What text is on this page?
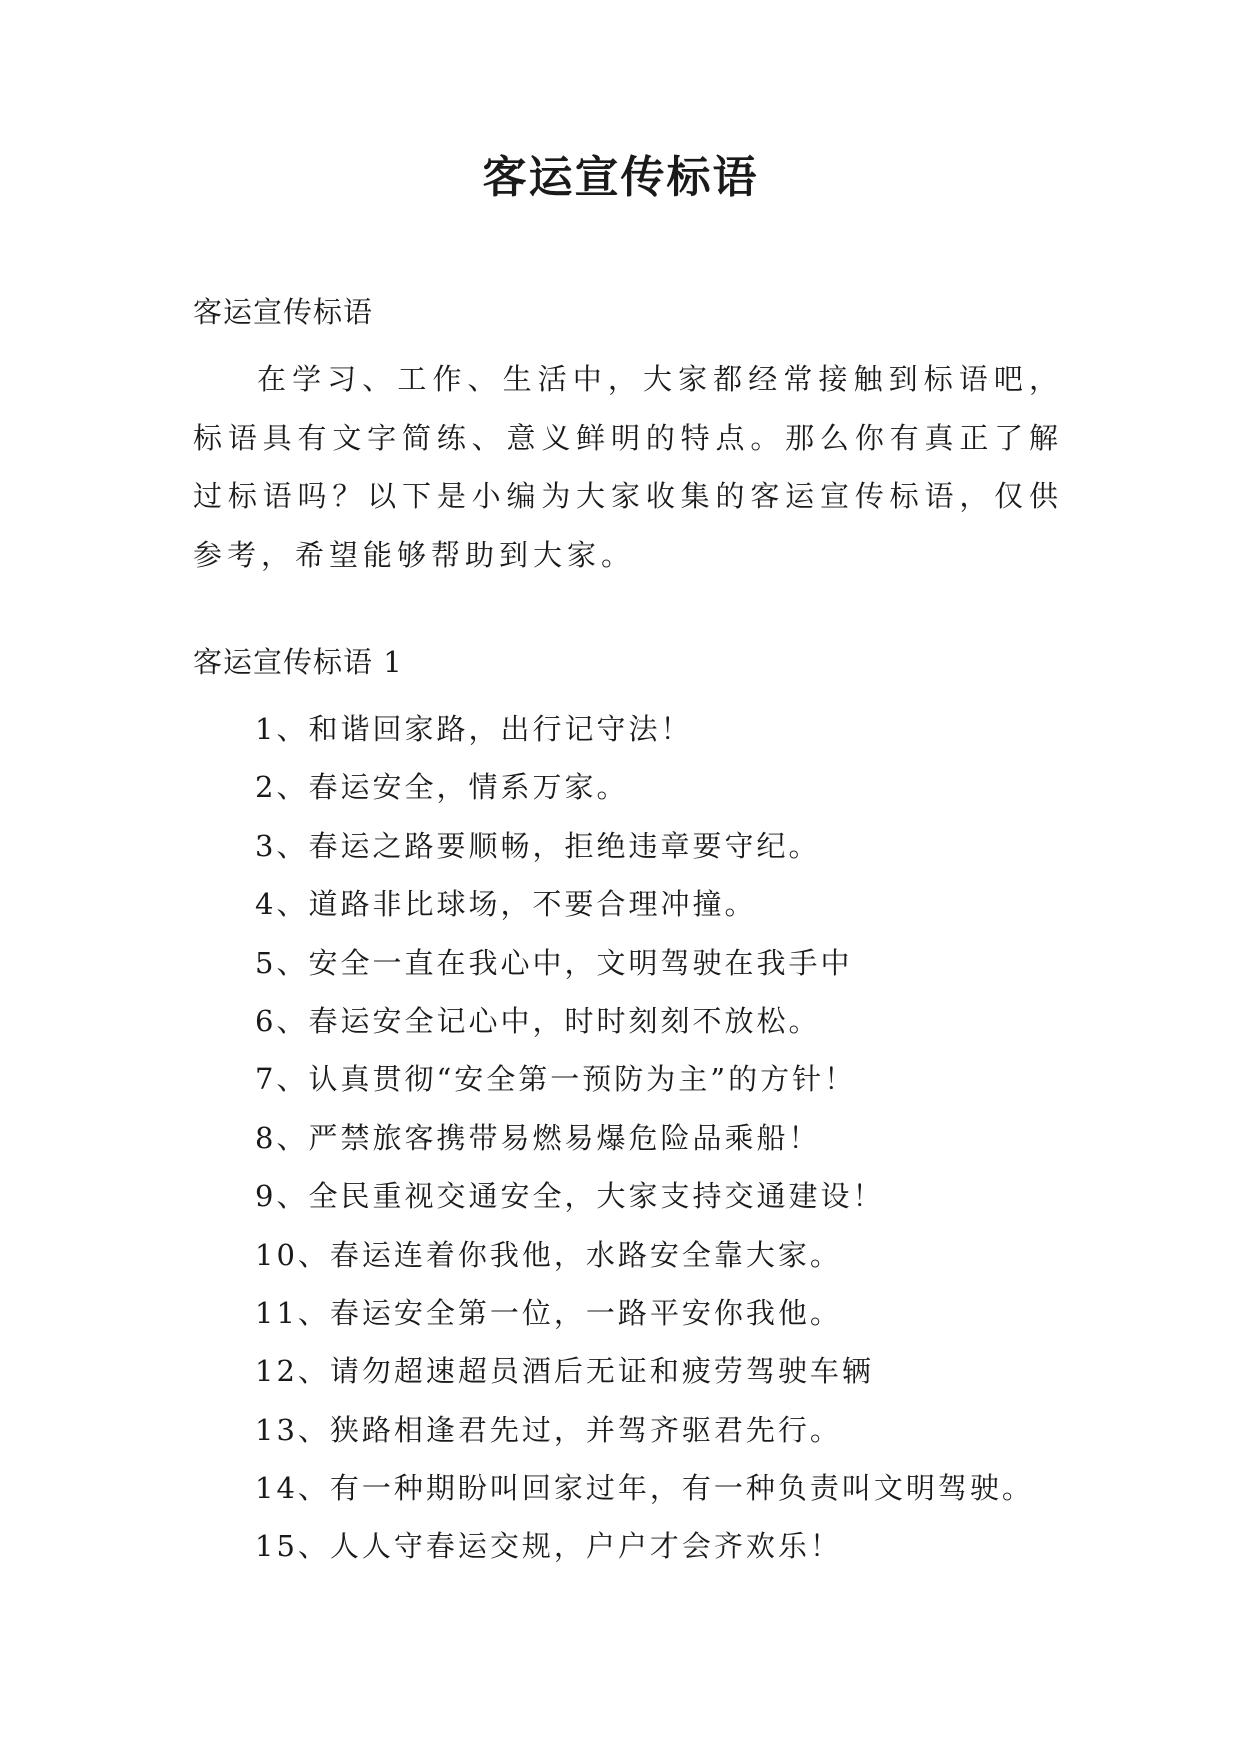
客运宣传标语

客运宣传标语

在学习、工作、生活中，大家都经常接触到标语吧，标语具有文字简练、意义鲜明的特点。那么你有真正了解过标语吗？以下是小编为大家收集的客运宣传标语，仅供参考，希望能够帮助到大家。

客运宣传标语 1

1、和谐回家路，出行记守法！
2、春运安全，情系万家。
3、春运之路要顺畅，拒绝违章要守纪。
4、道路非比球场，不要合理冲撞。
5、安全一直在我心中，文明驾驶在我手中
6、春运安全记心中，时时刻刻不放松。
7、认真贯彻“安全第一预防为主”的方针！
8、严禁旅客携带易燃易爆危险品乘船！
9、全民重视交通安全，大家支持交通建设！
10、春运连着你我他，水路安全靠大家。
11、春运安全第一位，一路平安你我他。
12、请勿超速超员酒后无证和疲劳驾驶车辆
13、狭路相逢君先过，并驾齐驱君先行。
14、有一种期盼叫回家过年，有一种负责叫文明驾驶。
15、人人守春运交规，户户才会齐欢乐！
